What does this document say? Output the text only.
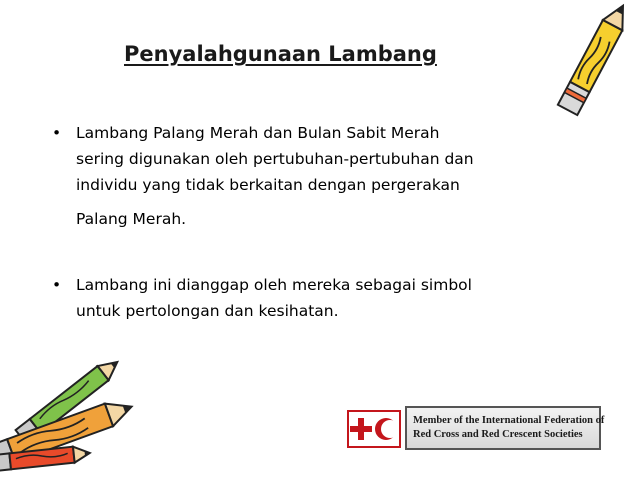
Penyalahgunaan Lambang
• Lambang Palang Merah dan Bulan Sabit Merah
sering digunakan oleh pertubuhan-pertubuhan dan
individu yang tidak berkaitan dengan pergerakan
Palang Merah.
• Lambang ini dianggap oleh mereka sebagai simbol
untuk pertolongan dan kesihatan.
Member of the International Federation of
Red Cross and Red Crescent Societies
